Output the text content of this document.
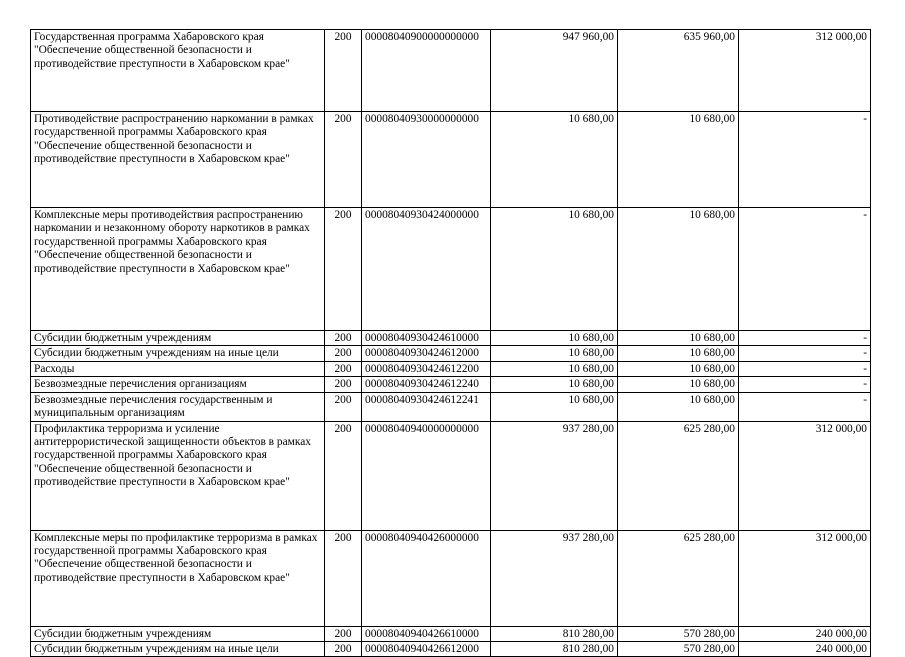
Государственная программа Хабаровского края "Обеспечение общественной безопасности и противодействие преступности в Хабаровском крае"	200	00008040900000000000	947 960,00	635 960,00	312 000,00
Противодействие распространению наркомании в рамках государственной программы Хабаровского края "Обеспечение общественной безопасности и противодействие преступности в Хабаровском крае"	200	00008040930000000000	10 680,00	10 680,00	-
Комплексные меры противодействия распространению наркомании и незаконному обороту наркотиков в рамках государственной программы Хабаровского края "Обеспечение общественной безопасности и противодействие преступности в Хабаровском крае"	200	00008040930424000000	10 680,00	10 680,00	-
Субсидии бюджетным учреждениям	200	00008040930424610000	10 680,00	10 680,00	-
Субсидии бюджетным учреждениям на иные цели	200	00008040930424612000	10 680,00	10 680,00	-
Расходы	200	00008040930424612200	10 680,00	10 680,00	-
Безвозмездные перечисления организациям	200	00008040930424612240	10 680,00	10 680,00	-
Безвозмездные перечисления государственным и муниципальным организациям	200	00008040930424612241	10 680,00	10 680,00	-
Профилактика терроризма и усиление антитеррористической защищенности объектов в рамках государственной программы Хабаровского края "Обеспечение общественной безопасности и противодействие преступности в Хабаровском крае"	200	00008040940000000000	937 280,00	625 280,00	312 000,00
Комплексные меры по профилактике терроризма в рамках государственной программы Хабаровского края "Обеспечение общественной безопасности и противодействие преступности в Хабаровском крае"	200	00008040940426000000	937 280,00	625 280,00	312 000,00
Субсидии бюджетным учреждениям	200	00008040940426610000	810 280,00	570 280,00	240 000,00
Субсидии бюджетным учреждениям на иные цели	200	00008040940426612000	810 280,00	570 280,00	240 000,00
